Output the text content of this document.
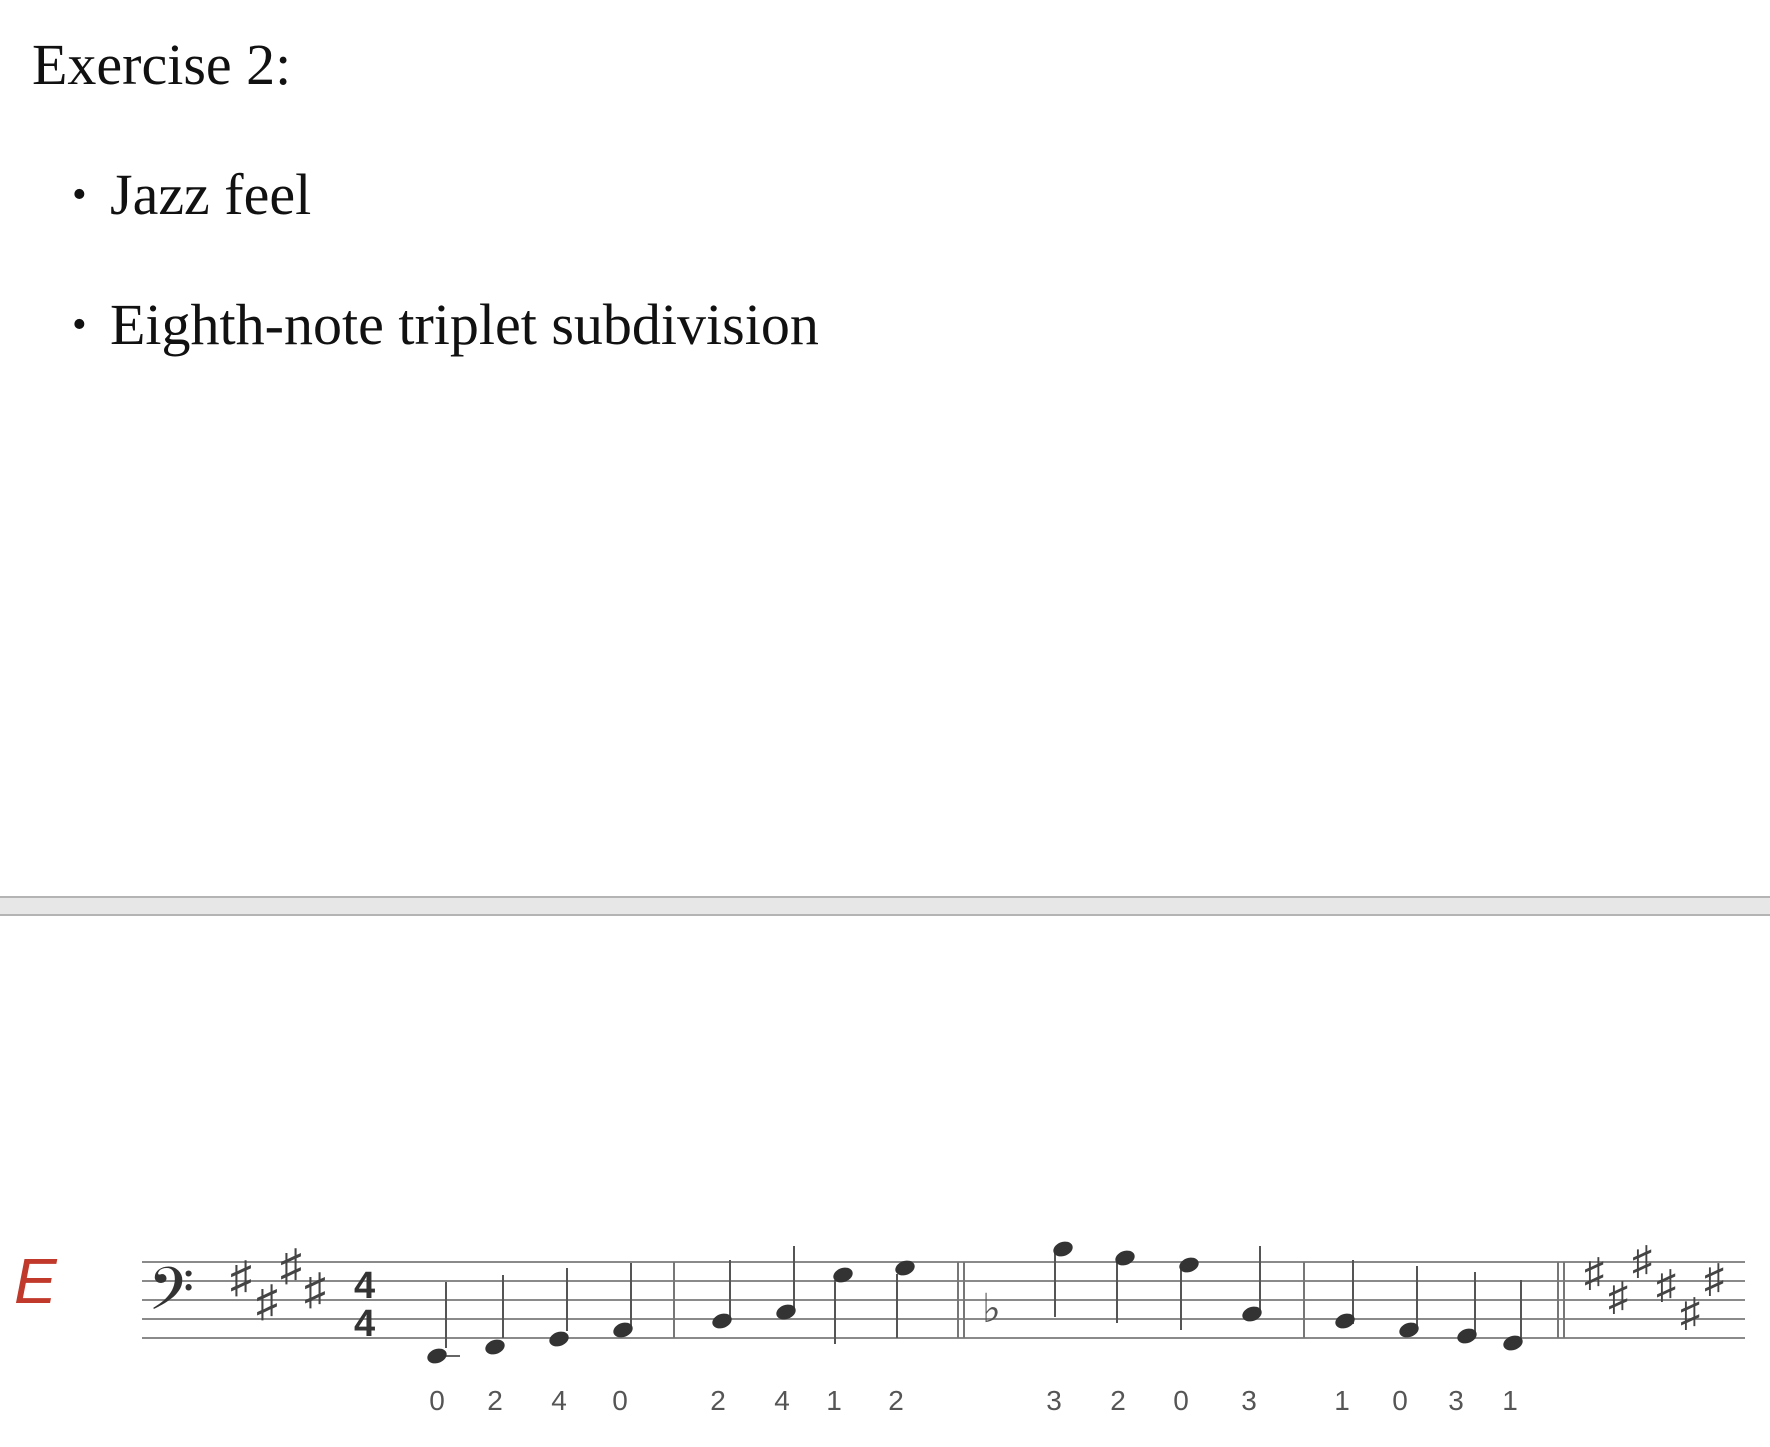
Exercise 2:
• Jazz feel
• Eighth-note triplet subdivision
E 𝄢 ♯ ♯
♯ ♯ 4
4	♭
♯
♯
♯
♯
♯
♯
0 2 4 0	2 4 1 2	3 2 0 3	1 0 3 1
